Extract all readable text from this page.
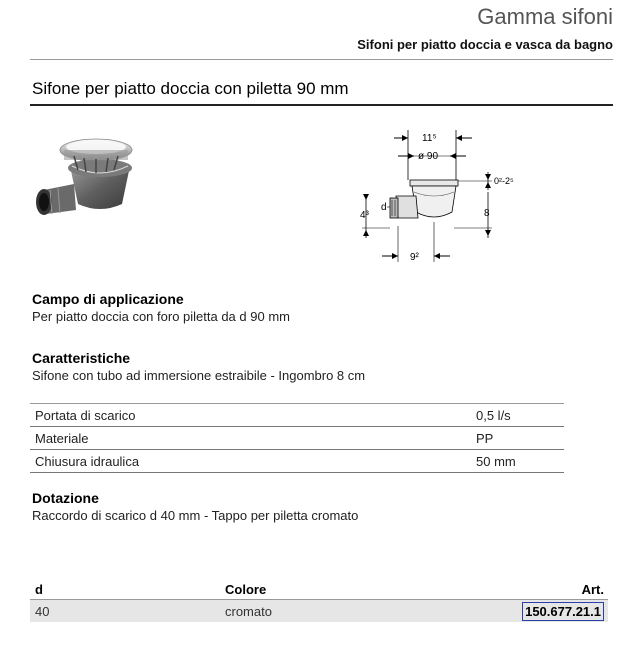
Gamma sifoni
Sifoni per piatto doccia e vasca da bagno
Sifone per piatto doccia con piletta 90 mm
11⁵
ø 90
d
4³
0²-2⁵
8
9²
Campo di applicazione
Per piatto doccia con foro piletta da d 90 mm
Caratteristiche
Sifone con tubo ad immersione estraibile - Ingombro 8 cm
Portata di scarico	0,5 l/s
Materiale	PP
Chiusura idraulica	50 mm
Dotazione
Raccordo di scarico d 40 mm - Tappo per piletta cromato
d	Colore	Art.
40	cromato	150.677.21.1
